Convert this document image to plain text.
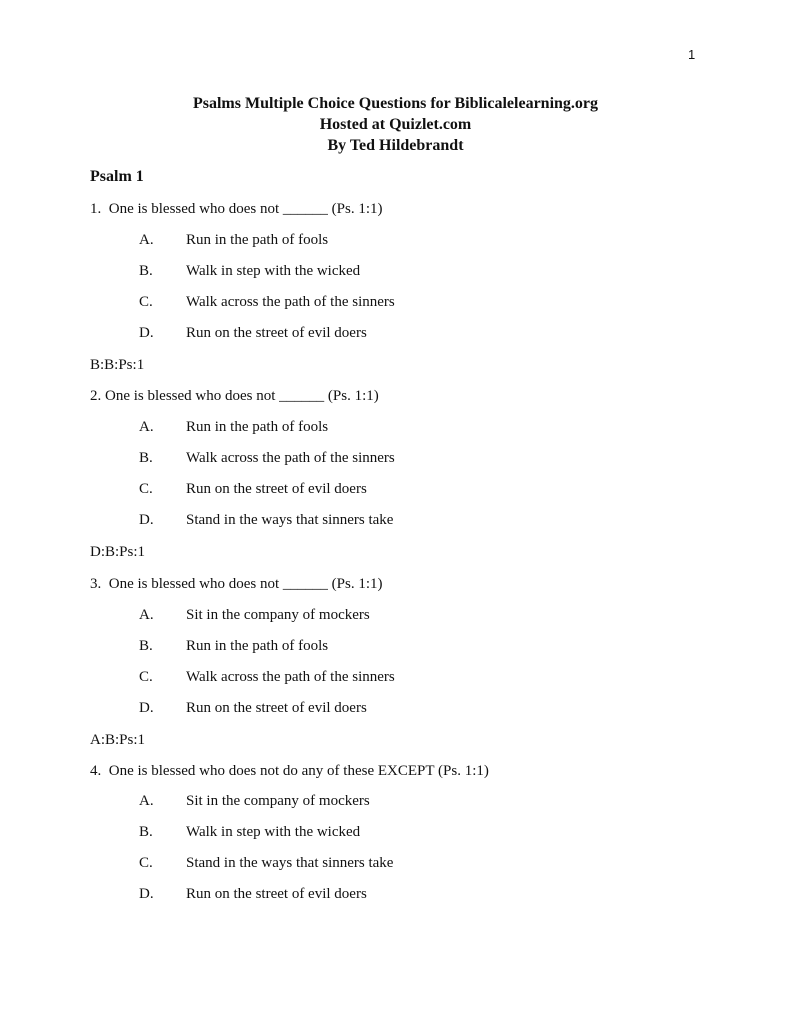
1
Psalms Multiple Choice Questions for Biblicalelearning.org
Hosted at Quizlet.com
By Ted Hildebrandt
Psalm 1
1.  One is blessed who does not ______ (Ps. 1:1)
A. Run in the path of fools
B. Walk in step with the wicked
C. Walk across the path of the sinners
D. Run on the street of evil doers
B:B:Ps:1
2. One is blessed who does not ______ (Ps. 1:1)
A. Run in the path of fools
B. Walk across the path of the sinners
C. Run on the street of evil doers
D. Stand in the ways that sinners take
D:B:Ps:1
3.  One is blessed who does not ______ (Ps. 1:1)
A. Sit in the company of mockers
B. Run in the path of fools
C. Walk across the path of the sinners
D. Run on the street of evil doers
A:B:Ps:1
4.  One is blessed who does not do any of these EXCEPT (Ps. 1:1)
A. Sit in the company of mockers
B. Walk in step with the wicked
C. Stand in the ways that sinners take
D. Run on the street of evil doers
